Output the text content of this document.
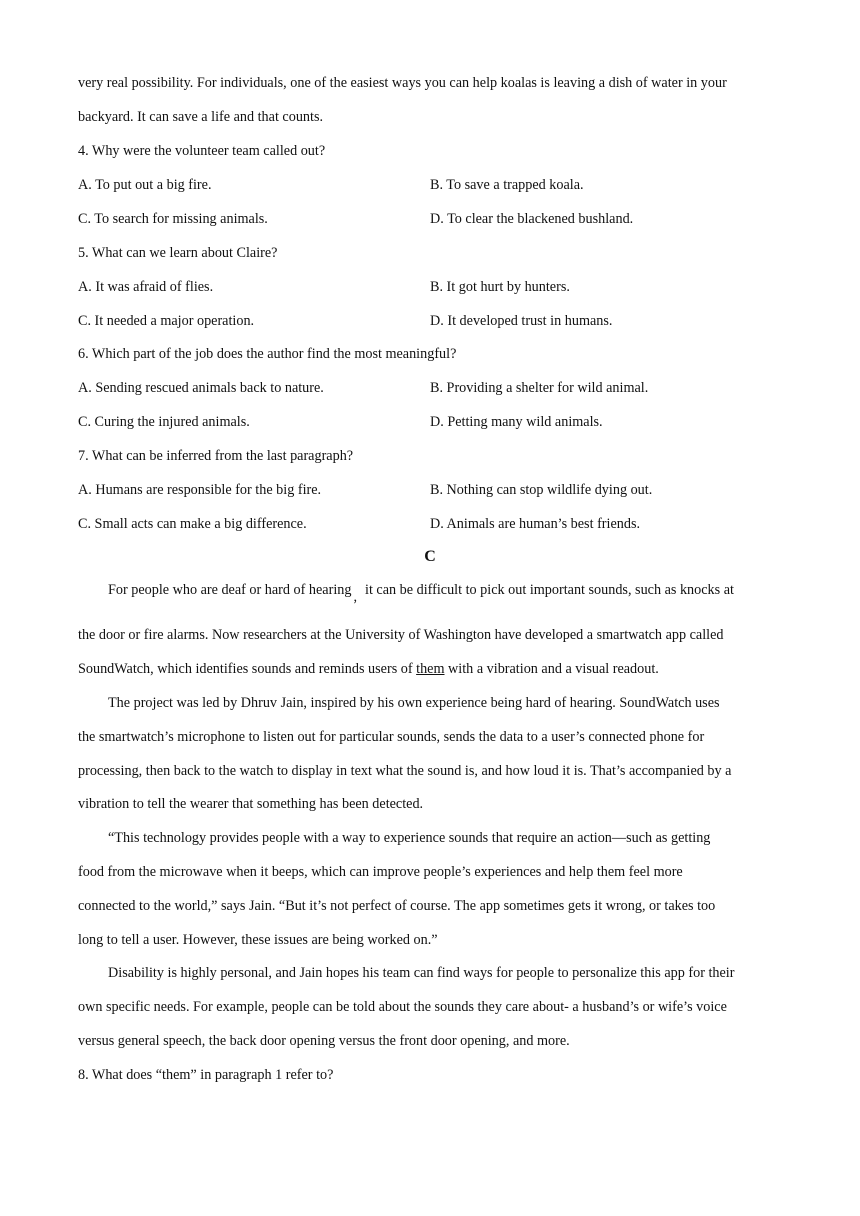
very real possibility. For individuals, one of the easiest ways you can help koalas is leaving a dish of water in your
backyard. It can save a life and that counts.
4. Why were the volunteer team called out?
A. To put out a big fire.	B. To save a trapped koala.
C. To search for missing animals.	D. To clear the blackened bushland.
5. What can we learn about Claire?
A. It was afraid of flies.	B. It got hurt by hunters.
C. It needed a major operation.	D. It developed trust in humans.
6. Which part of the job does the author find the most meaningful?
A. Sending rescued animals back to nature.	B. Providing a shelter for wild animal.
C. Curing the injured animals.	D. Petting many wild animals.
7. What can be inferred from the last paragraph?
A. Humans are responsible for the big fire.	B. Nothing can stop wildlife dying out.
C. Small acts can make a big difference.	D. Animals are human’s best friends.
C
For people who are deaf or hard of hearing , it can be difficult to pick out important sounds, such as knocks at
the door or fire alarms. Now researchers at the University of Washington have developed a smartwatch app called
SoundWatch, which identifies sounds and reminds users of them with a vibration and a visual readout.
The project was led by Dhruv Jain, inspired by his own experience being hard of hearing. SoundWatch uses
the smartwatch’s microphone to listen out for particular sounds, sends the data to a user’s connected phone for
processing, then back to the watch to display in text what the sound is, and how loud it is. That’s accompanied by a
vibration to tell the wearer that something has been detected.
“This technology provides people with a way to experience sounds that require an action—such as getting
food from the microwave when it beeps, which can improve people’s experiences and help them feel more
connected to the world,” says Jain. “But it’s not perfect of course. The app sometimes gets it wrong, or takes too
long to tell a user. However, these issues are being worked on.”
Disability is highly personal, and Jain hopes his team can find ways for people to personalize this app for their
own specific needs. For example, people can be told about the sounds they care about- a husband’s or wife’s voice
versus general speech, the back door opening versus the front door opening, and more.
8. What does “them” in paragraph 1 refer to?
